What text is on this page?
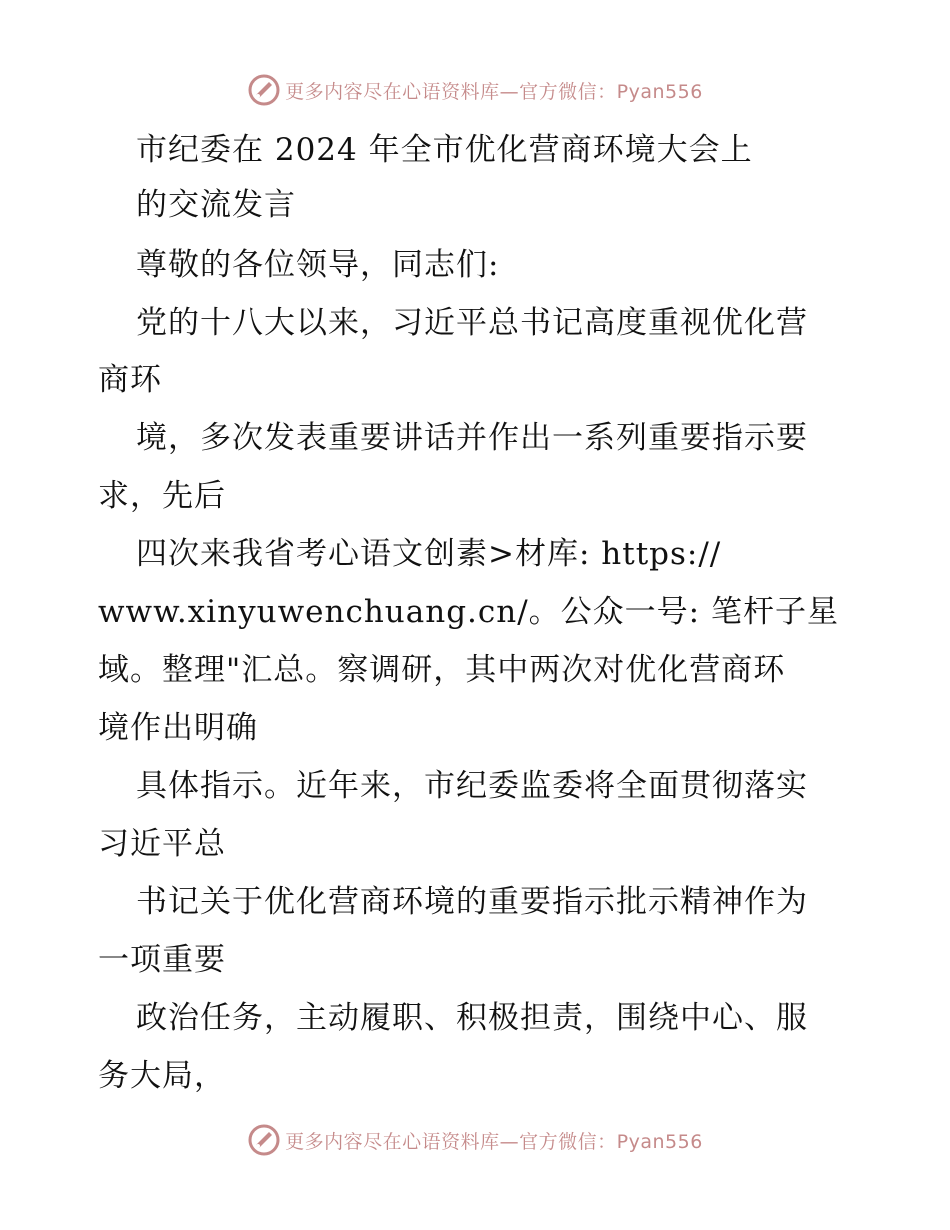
更多内容尽在心语资料库—官方微信：Pyan556
市纪委在 2024 年全市优化营商环境大会上
的交流发言
尊敬的各位领导，同志们:
党的十八大以来，习近平总书记高度重视优化营
商环
境，多次发表重要讲话并作出一系列重要指示要
求，先后
四次来我省考心语文创素>材库: https://
www.xinyuwenchuang.cn/。公众一号: 笔杆子星
域。整理"汇总。察调研，其中两次对优化营商环
境作出明确
具体指示。近年来，市纪委监委将全面贯彻落实
习近平总
书记关于优化营商环境的重要指示批示精神作为
一项重要
政治任务，主动履职、积极担责，围绕中心、服
务大局，
更多内容尽在心语资料库—官方微信：Pyan556
